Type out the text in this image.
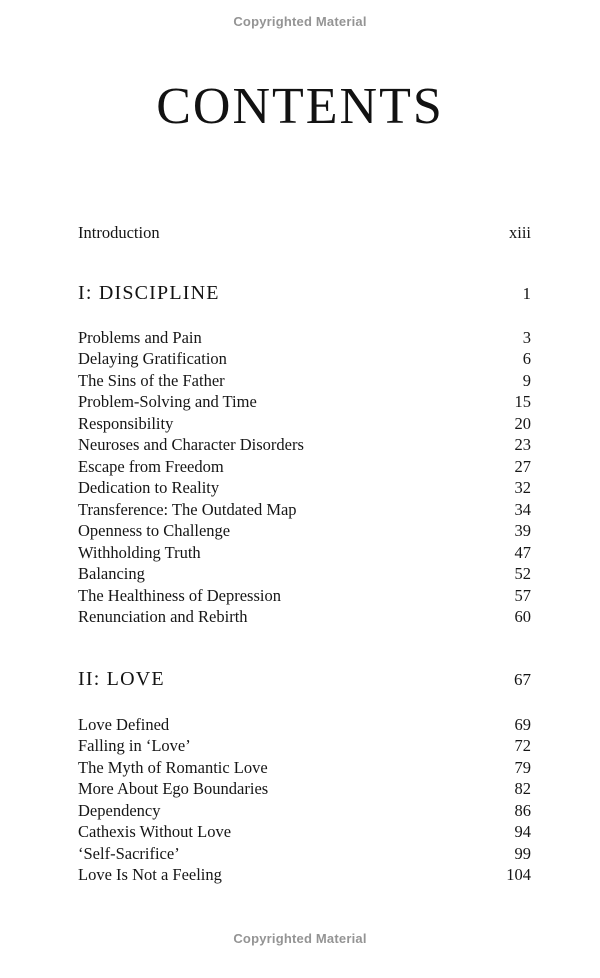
Copyrighted Material
CONTENTS
Introduction	xiii
I: DISCIPLINE	1
Problems and Pain	3
Delaying Gratification	6
The Sins of the Father	9
Problem-Solving and Time	15
Responsibility	20
Neuroses and Character Disorders	23
Escape from Freedom	27
Dedication to Reality	32
Transference: The Outdated Map	34
Openness to Challenge	39
Withholding Truth	47
Balancing	52
The Healthiness of Depression	57
Renunciation and Rebirth	60
II: LOVE	67
Love Defined	69
Falling in ‘Love’	72
The Myth of Romantic Love	79
More About Ego Boundaries	82
Dependency	86
Cathexis Without Love	94
‘Self-Sacrifice’	99
Love Is Not a Feeling	104
Copyrighted Material
